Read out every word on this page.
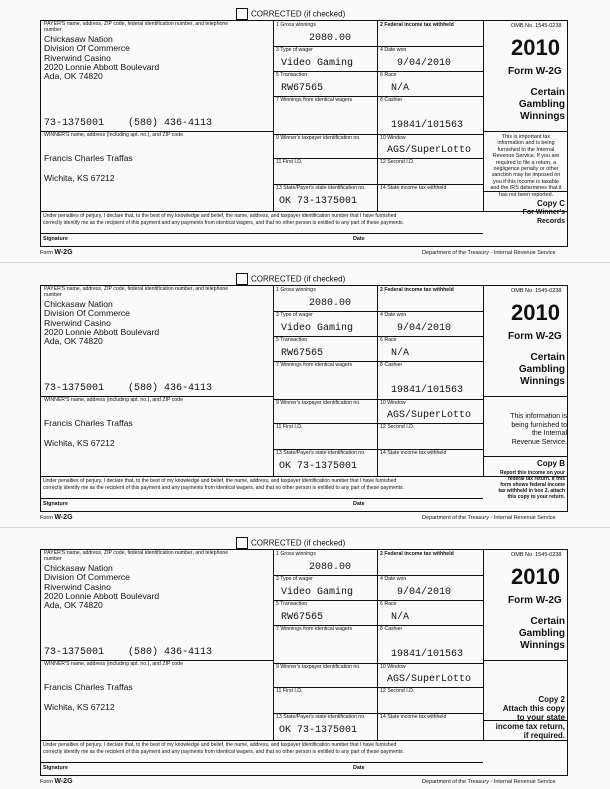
CORRECTED (if checked)
PAYER'S name, address, ZIP code, federal identification number, and telephone number
Chickasaw Nation
Division Of Commerce
Riverwind Casino
2020 Lonnie Abbott Boulevard
Ada, OK 74820
73-1375001 (580) 436-4113
WINNER'S name, address (including apt. no.), and ZIP code
Francis Charles Traffas
Wichita, KS 67212
1 Gross winnings
2080.00
2 Federal income tax withheld
3 Type of wager
Video Gaming
4 Date won
9/04/2010
5 Transaction
RW67565
6 Race
N/A
7 Winnings from identical wagers	8 Cashier
19841/101563
9 Winner's taxpayer identification no.	10 Window
AGS/SuperLotto
11 First I.D.	12 Second I.D.
13 State/Payer's state identification no.
OK 73-1375001
14 State income tax withheld
OMB No. 1545-0238
2010
Form W-2G
Certain
Gambling
Winnings
This is important tax
information and is being
furnished to the Internal
Revenue Service. If you are
required to file a return, a
negligence penalty or other
sanction may be imposed on
you if this income is taxable
and the IRS determines that it
has not been reported.
Copy C
For Winner's
Records
Under penalties of perjury, I declare that, to the best of my knowledge and belief, the name, address, and taxpayer identification number that I have furnished
correctly identify me as the recipient of this payment and any payments from identical wagers, and that no other person is entitled to any part of these payments.
Signature	Date
Form W-2G	Department of the Treasury - Internal Revenue Service
CORRECTED (if checked)
PAYER'S name, address, ZIP code, federal identification number, and telephone number
Chickasaw Nation
Division Of Commerce
Riverwind Casino
2020 Lonnie Abbott Boulevard
Ada, OK 74820
73-1375001 (580) 436-4113
WINNER'S name, address (including apt. no.), and ZIP code
Francis Charles Traffas
Wichita, KS 67212
1 Gross winnings
2080.00
2 Federal income tax withheld
3 Type of wager
Video Gaming
4 Date won
9/04/2010
5 Transaction
RW67565
6 Race
N/A
7 Winnings from identical wagers	8 Cashier
19841/101563
9 Winner's taxpayer identification no.	10 Window
AGS/SuperLotto
11 First I.D.	12 Second I.D.
13 State/Payer's state identification no.
OK 73-1375001
14 State income tax withheld
OMB No. 1545-0238
2010
Form W-2G
Certain
Gambling
Winnings
This information is
being furnished to
the Internal
Revenue Service.
Copy B
Report this income on your
federal tax return. If this
form shows federal income
tax withheld in box 2, attach
this copy to your return.
Under penalties of perjury, I declare that, to the best of my knowledge and belief, the name, address, and taxpayer identification number that I have furnished
correctly identify me as the recipient of this payment and any payments from identical wagers, and that no other person is entitled to any part of these payments.
Signature	Date
Form W-2G	Department of the Treasury - Internal Revenue Service
CORRECTED (if checked)
PAYER'S name, address, ZIP code, federal identification number, and telephone number
Chickasaw Nation
Division Of Commerce
Riverwind Casino
2020 Lonnie Abbott Boulevard
Ada, OK 74820
73-1375001 (580) 436-4113
WINNER'S name, address (including apt. no.), and ZIP code
Francis Charles Traffas
Wichita, KS 67212
1 Gross winnings
2080.00
2 Federal income tax withheld
3 Type of wager
Video Gaming
4 Date won
9/04/2010
5 Transaction
RW67565
6 Race
N/A
7 Winnings from identical wagers	8 Cashier
19841/101563
9 Winner's taxpayer identification no.	10 Window
AGS/SuperLotto
11 First I.D.	12 Second I.D.
13 State/Payer's state identification no.
OK 73-1375001
14 State income tax withheld
OMB No. 1545-0238
2010
Form W-2G
Certain
Gambling
Winnings
Copy 2
Attach this copy
to your state
income tax return,
if required.
Under penalties of perjury, I declare that, to the best of my knowledge and belief, the name, address, and taxpayer identification number that I have furnished
correctly identify me as the recipient of this payment and any payments from identical wagers, and that no other person is entitled to any part of these payments.
Signature	Date
Form W-2G	Department of the Treasury - Internal Revenue Service
